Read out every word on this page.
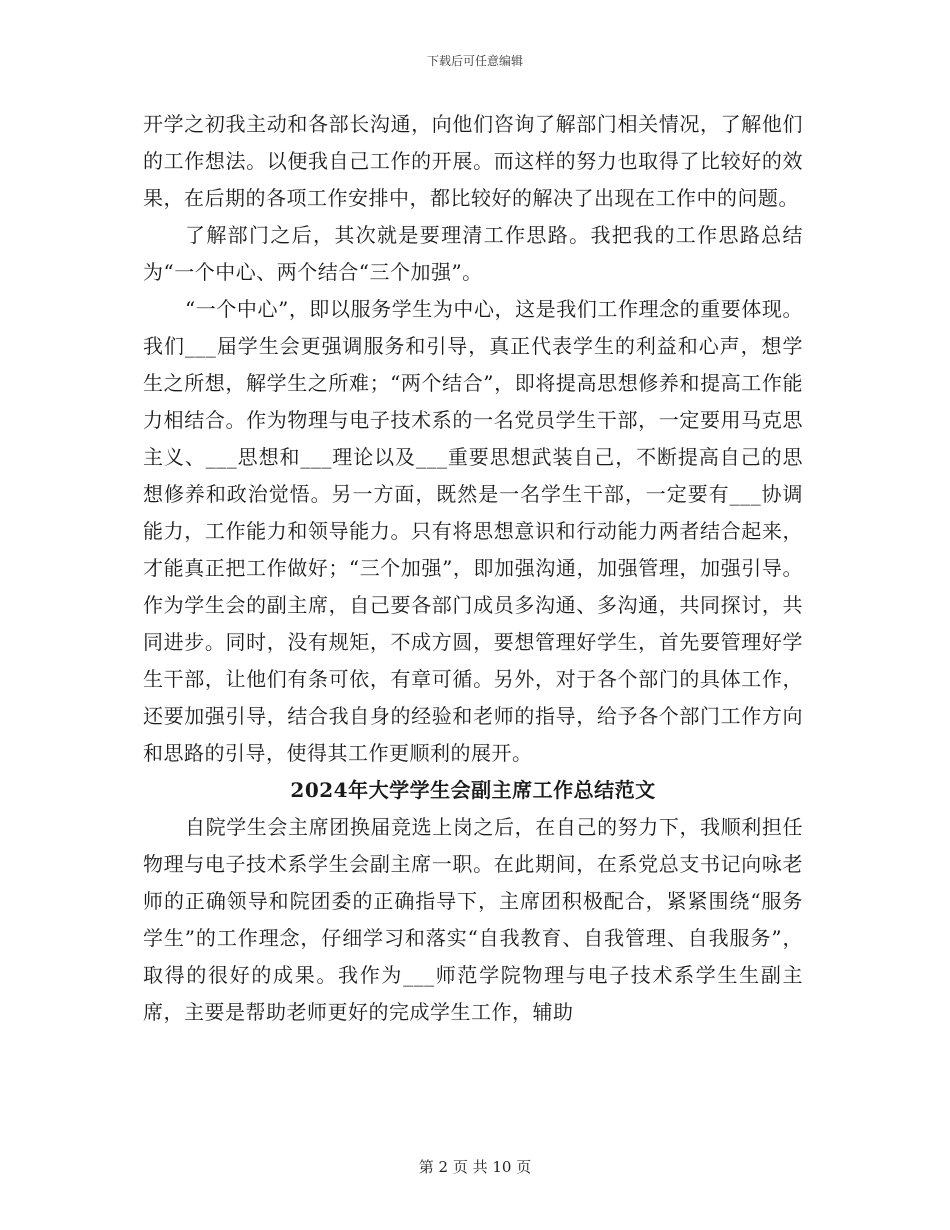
下载后可任意编辑

开学之初我主动和各部长沟通，向他们咨询了解部门相关情况，了解他们的工作想法。以便我自己工作的开展。而这样的努力也取得了比较好的效果，在后期的各项工作安排中，都比较好的解决了出现在工作中的问题。

了解部门之后，其次就是要理清工作思路。我把我的工作思路总结为“一个中心、两个结合“三个加强”。

“一个中心”，即以服务学生为中心，这是我们工作理念的重要体现。我们___届学生会更强调服务和引导，真正代表学生的利益和心声，想学生之所想，解学生之所难；“两个结合”，即将提高思想修养和提高工作能力相结合。作为物理与电子技术系的一名党员学生干部，一定要用马克思主义、___思想和___理论以及___重要思想武装自己，不断提高自己的思想修养和政治觉悟。另一方面，既然是一名学生干部，一定要有___协调能力，工作能力和领导能力。只有将思想意识和行动能力两者结合起来，才能真正把工作做好；“三个加强”，即加强沟通，加强管理，加强引导。作为学生会的副主席，自己要各部门成员多沟通、多沟通，共同探讨，共同进步。同时，没有规矩，不成方圆，要想管理好学生，首先要管理好学生干部，让他们有条可依，有章可循。另外，对于各个部门的具体工作，还要加强引导，结合我自身的经验和老师的指导，给予各个部门工作方向和思路的引导，使得其工作更顺利的展开。

2024年大学学生会副主席工作总结范文

自院学生会主席团换届竞选上岗之后，在自己的努力下，我顺利担任物理与电子技术系学生会副主席一职。在此期间，在系党总支书记向咏老师的正确领导和院团委的正确指导下，主席团积极配合，紧紧围绕“服务学生”的工作理念，仔细学习和落实“自我教育、自我管理、自我服务”，取得的很好的成果。我作为___师范学院物理与电子技术系学生生副主席，主要是帮助老师更好的完成学生工作，辅助

第 2 页 共 10 页
